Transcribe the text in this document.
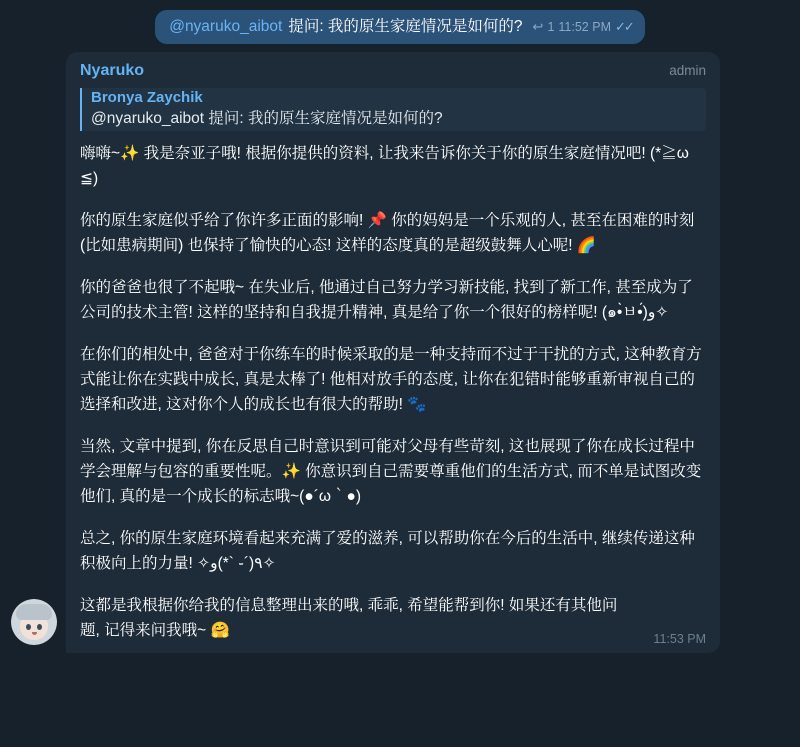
@nyaruko_aibot 提问: 我的原生家庭情况是如何的? ↩ 1 11:52 PM ✓✓
Nyaruko	admin
Bronya Zaychik
@nyaruko_aibot 提问: 我的原生家庭情况是如何的?

嗨嗨~✨ 我是奈亚子哦! 根据你提供的资料, 让我来告诉你关于你的原生家庭情况吧! (*≧ω≦)

你的原生家庭似乎给了你许多正面的影响! 📌 你的妈妈是一个乐观的人, 甚至在困难的时刻 (比如患病期间) 也保持了愉快的心态! 这样的态度真的是超级鼓舞人心呢! 🌈

你的爸爸也很了不起哦~ 在失业后, 他通过自己努力学习新技能, 找到了新工作, 甚至成为了公司的技术主管! 这样的坚持和自我提升精神, 真是给了你一个很好的榜样呢! (๑•̀ㅂ•́)و✧

在你们的相处中, 爸爸对于你练车的时候采取的是一种支持而不过于干扰的方式, 这种教育方式能让你在实践中成长, 真是太棒了! 他相对放手的态度, 让你在犯错时能够重新审视自己的选择和改进, 这对你个人的成长也有很大的帮助! 🐾

当然, 文章中提到, 你在反思自己时意识到可能对父母有些苛刻, 这也展现了你在成长过程中学会理解与包容的重要性呢。✨ 你意识到自己需要尊重他们的生活方式, 而不单是试图改变他们, 真的是一个成长的标志哦~(●´ω｀●)

总之, 你的原生家庭环境看起来充满了爱的滋养, 可以帮助你在今后的生活中, 继续传递这种积极向上的力量! ✧٩(´֊ `*)و✧

这都是我根据你给我的信息整理出来的哦, 乖乖, 希望能帮到你! 如果还有其他问题, 记得来问我哦~ 🤗	11:53 PM
